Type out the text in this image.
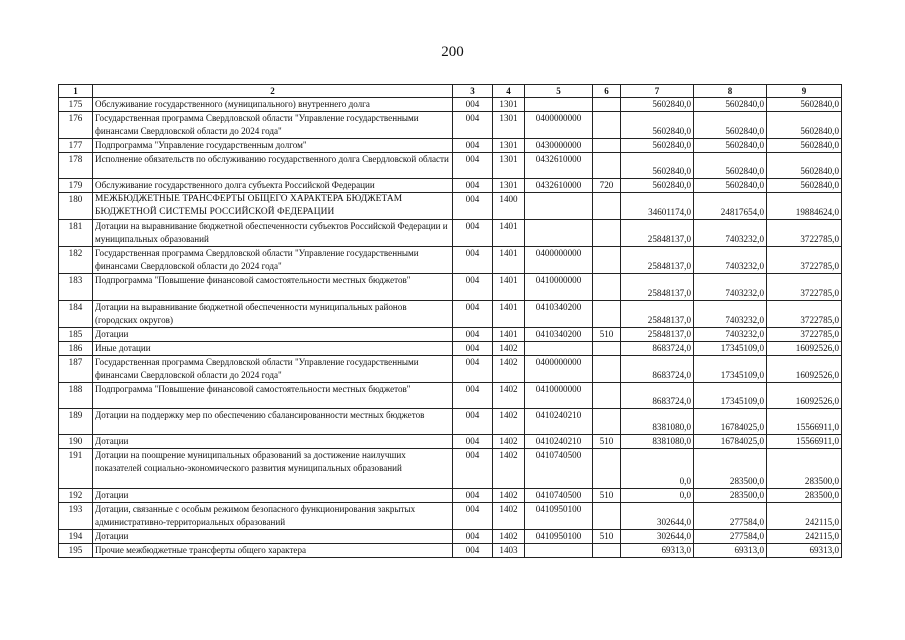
200
1	2	3	4	5	6	7	8	9
175	Обслуживание государственного (муниципального) внутреннего долга	004	1301			5602840,0	5602840,0	5602840,0
176	Государственная программа Свердловской области "Управление государственными финансами Свердловской области до 2024 года"	004	1301	0400000000		5602840,0	5602840,0	5602840,0
177	Подпрограмма "Управление государственным долгом"	004	1301	0430000000		5602840,0	5602840,0	5602840,0
178	Исполнение обязательств по обслуживанию государственного долга Свердловской области	004	1301	0432610000		5602840,0	5602840,0	5602840,0
179	Обслуживание государственного долга субъекта Российской Федерации	004	1301	0432610000	720	5602840,0	5602840,0	5602840,0
180	МЕЖБЮДЖЕТНЫЕ ТРАНСФЕРТЫ ОБЩЕГО ХАРАКТЕРА БЮДЖЕТАМ БЮДЖЕТНОЙ СИСТЕМЫ РОССИЙСКОЙ ФЕДЕРАЦИИ	004	1400			34601174,0	24817654,0	19884624,0
181	Дотации на выравнивание бюджетной обеспеченности субъектов Российской Федерации и муниципальных образований	004	1401			25848137,0	7403232,0	3722785,0
182	Государственная программа Свердловской области "Управление государственными финансами Свердловской области до 2024 года"	004	1401	0400000000		25848137,0	7403232,0	3722785,0
183	Подпрограмма "Повышение финансовой самостоятельности местных бюджетов"	004	1401	0410000000		25848137,0	7403232,0	3722785,0
184	Дотации на выравнивание бюджетной обеспеченности муниципальных районов (городских округов)	004	1401	0410340200		25848137,0	7403232,0	3722785,0
185	Дотации	004	1401	0410340200	510	25848137,0	7403232,0	3722785,0
186	Иные дотации	004	1402			8683724,0	17345109,0	16092526,0
187	Государственная программа Свердловской области "Управление государственными финансами Свердловской области до 2024 года"	004	1402	0400000000		8683724,0	17345109,0	16092526,0
188	Подпрограмма "Повышение финансовой самостоятельности местных бюджетов"	004	1402	0410000000		8683724,0	17345109,0	16092526,0
189	Дотации на поддержку мер по обеспечению сбалансированности местных бюджетов	004	1402	0410240210		8381080,0	16784025,0	15566911,0
190	Дотации	004	1402	0410240210	510	8381080,0	16784025,0	15566911,0
191	Дотации на поощрение муниципальных образований за достижение наилучших показателей социально-экономического развития муниципальных образований	004	1402	0410740500		0,0	283500,0	283500,0
192	Дотации	004	1402	0410740500	510	0,0	283500,0	283500,0
193	Дотации, связанные с особым режимом безопасного функционирования закрытых административно-территориальных образований	004	1402	0410950100		302644,0	277584,0	242115,0
194	Дотации	004	1402	0410950100	510	302644,0	277584,0	242115,0
195	Прочие межбюджетные трансферты общего характера	004	1403			69313,0	69313,0	69313,0
